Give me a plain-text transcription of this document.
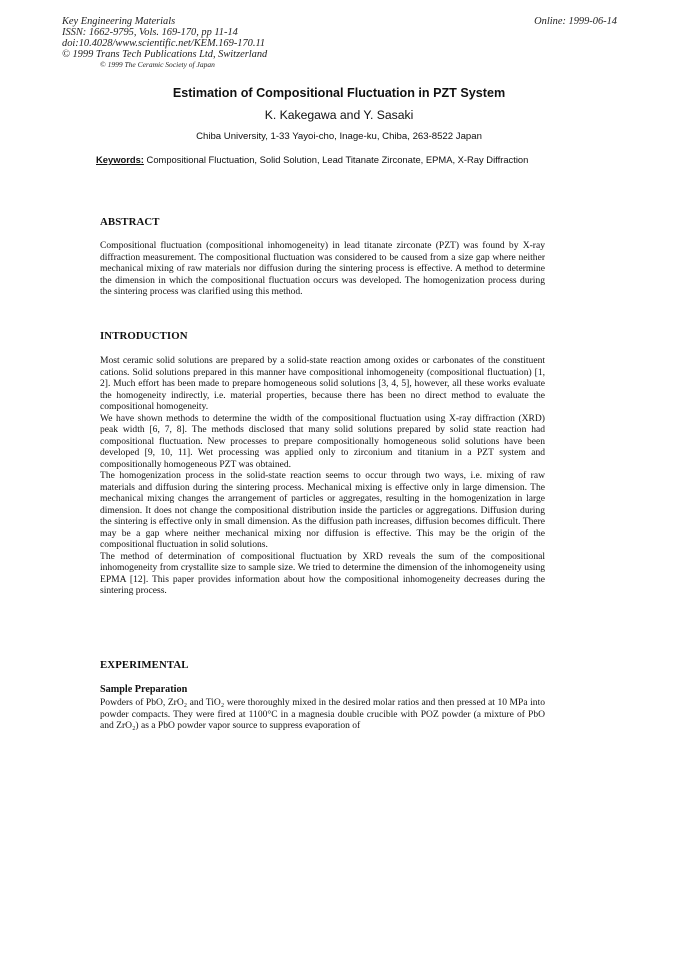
Key Engineering Materials
ISSN: 1662-9795, Vols. 169-170, pp 11-14
doi:10.4028/www.scientific.net/KEM.169-170.11
© 1999 Trans Tech Publications Ltd, Switzerland
© 1999 The Ceramic Society of Japan
Online: 1999-06-14
Estimation of Compositional Fluctuation in PZT System
K. Kakegawa and Y. Sasaki
Chiba University, 1-33 Yayoi-cho, Inage-ku, Chiba, 263-8522 Japan
Keywords: Compositional Fluctuation, Solid Solution, Lead Titanate Zirconate, EPMA, X-Ray Diffraction
ABSTRACT

Compositional fluctuation (compositional inhomogeneity) in lead titanate zirconate (PZT) was found by X-ray diffraction measurement. The compositional fluctuation was considered to be caused from a size gap where neither mechanical mixing of raw materials nor diffusion during the sintering process is effective. A method to determine the dimension in which the compositional fluctuation occurs was developed. The homogenization process during the sintering process was clarified using this method.

INTRODUCTION

Most ceramic solid solutions are prepared by a solid-state reaction among oxides or carbonates of the constituent cations. Solid solutions prepared in this manner have compositional inhomogeneity (compositional fluctuation) [1, 2]. Much effort has been made to prepare homogeneous solid solutions [3, 4, 5], however, all these works evaluate the homogeneity indirectly, i.e. material properties, because there has been no direct method to evaluate the compositional homogeneity.

We have shown methods to determine the width of the compositional fluctuation using X-ray diffraction (XRD) peak width [6, 7, 8]. The methods disclosed that many solid solutions prepared by solid state reaction had compositional fluctuation. New processes to prepare compositionally homogeneous solid solutions have been developed [9, 10, 11]. Wet processing was applied only to zirconium and titanium in a PZT system and compositionally homogeneous PZT was obtained.

The homogenization process in the solid-state reaction seems to occur through two ways, i.e. mixing of raw materials and diffusion during the sintering process. Mechanical mixing is effective only in large dimension. The mechanical mixing changes the arrangement of particles or aggregates, resulting in the homogenization in large dimension. It does not change the compositional distribution inside the particles or aggregations. Diffusion during the sintering is effective only in small dimension. As the diffusion path increases, diffusion becomes difficult. There may be a gap where neither mechanical mixing nor diffusion is effective. This may be the origin of the compositional fluctuation in solid solutions.

The method of determination of compositional fluctuation by XRD reveals the sum of the compositional inhomogeneity from crystallite size to sample size. We tried to determine the dimension of the inhomogeneity using EPMA [12]. This paper provides information about how the compositional inhomogeneity decreases during the sintering process.

EXPERIMENTAL
Sample Preparation

Powders of PbO, ZrO₂ and TiO₂ were thoroughly mixed in the desired molar ratios and then pressed at 10 MPa into powder compacts. They were fired at 1100°C in a magnesia double crucible with POZ powder (a mixture of PbO and ZrO₂) as a PbO powder vapor source to suppress evaporation of
